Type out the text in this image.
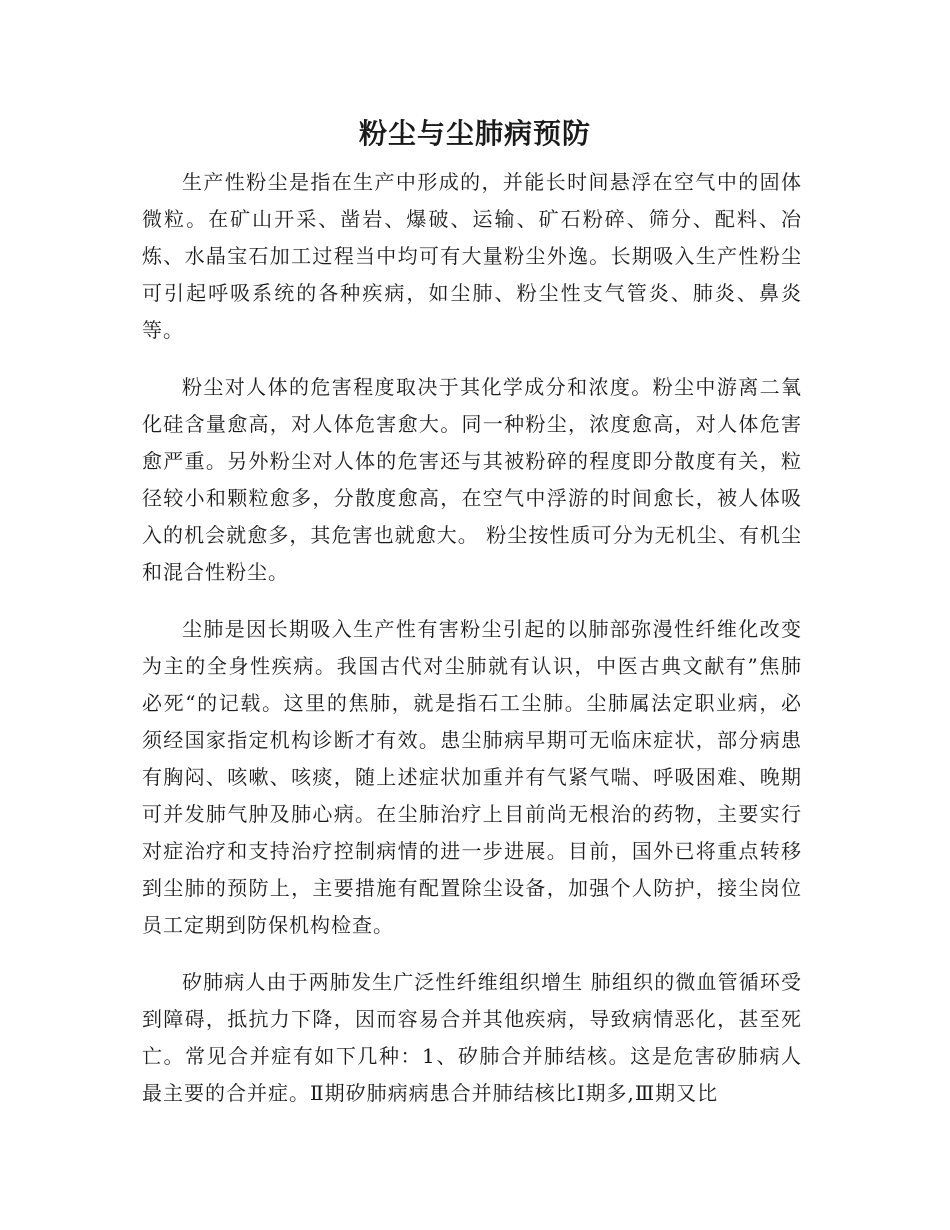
粉尘与尘肺病预防

生产性粉尘是指在生产中形成的，并能长时间悬浮在空气中的固体微粒。在矿山开采、凿岩、爆破、运输、矿石粉碎、筛分、配料、冶炼、水晶宝石加工过程当中均可有大量粉尘外逸。长期吸入生产性粉尘可引起呼吸系统的各种疾病，如尘肺、粉尘性支气管炎、肺炎、鼻炎等。

粉尘对人体的危害程度取决于其化学成分和浓度。粉尘中游离二氧化硅含量愈高，对人体危害愈大。同一种粉尘，浓度愈高，对人体危害愈严重。另外粉尘对人体的危害还与其被粉碎的程度即分散度有关，粒径较小和颗粒愈多，分散度愈高，在空气中浮游的时间愈长，被人体吸入的机会就愈多，其危害也就愈大。 粉尘按性质可分为无机尘、有机尘和混合性粉尘。

尘肺是因长期吸入生产性有害粉尘引起的以肺部弥漫性纤维化改变为主的全身性疾病。我国古代对尘肺就有认识，中医古典文献有”焦肺必死“的记载。这里的焦肺，就是指石工尘肺。尘肺属法定职业病，必须经国家指定机构诊断才有效。患尘肺病早期可无临床症状，部分病患有胸闷、咳嗽、咳痰，随上述症状加重并有气紧气喘、呼吸困难、晚期可并发肺气肿及肺心病。在尘肺治疗上目前尚无根治的药物，主要实行对症治疗和支持治疗控制病情的进一步进展。目前，国外已将重点转移到尘肺的预防上，主要措施有配置除尘设备，加强个人防护，接尘岗位员工定期到防保机构检查。

矽肺病人由于两肺发生广泛性纤维组织增生 肺组织的微血管循环受到障碍，抵抗力下降，因而容易合并其他疾病，导致病情恶化，甚至死亡。常见合并症有如下几种：1、矽肺合并肺结核。这是危害矽肺病人最主要的合并症。Ⅱ期矽肺病病患合并肺结核比Ⅰ期多,Ⅲ期又比
